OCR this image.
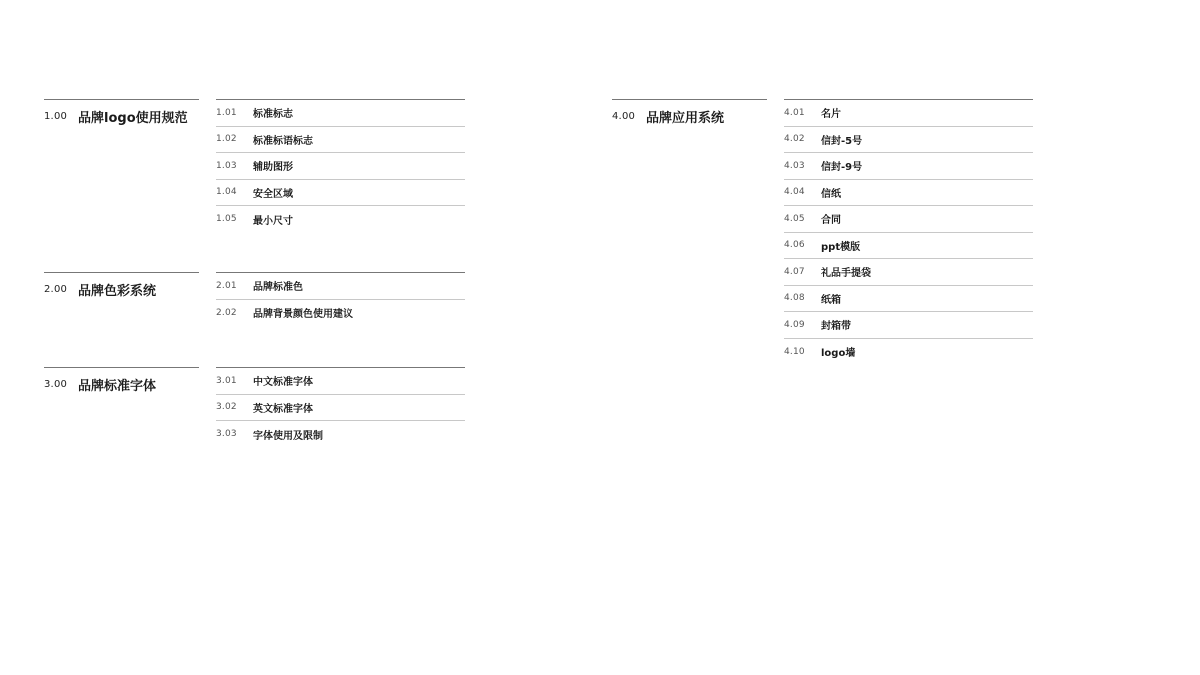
1.00 品牌logo使用规范	1.01	标准标志
1.02	标准标语标志
1.03	辅助图形
1.04	安全区域
1.05	最小尺寸
2.00 品牌色彩系统	2.01	品牌标准色
2.02	品牌背景颜色使用建议
3.00 品牌标准字体	3.01	中文标准字体
3.02	英文标准字体
3.03	字体使用及限制
4.00 品牌应用系统	4.01	名片
4.02	信封-5号
4.03	信封-9号
4.04	信纸
4.05	合同
4.06	ppt模版
4.07	礼品手提袋
4.08	纸箱
4.09	封箱带
4.10	logo墙
